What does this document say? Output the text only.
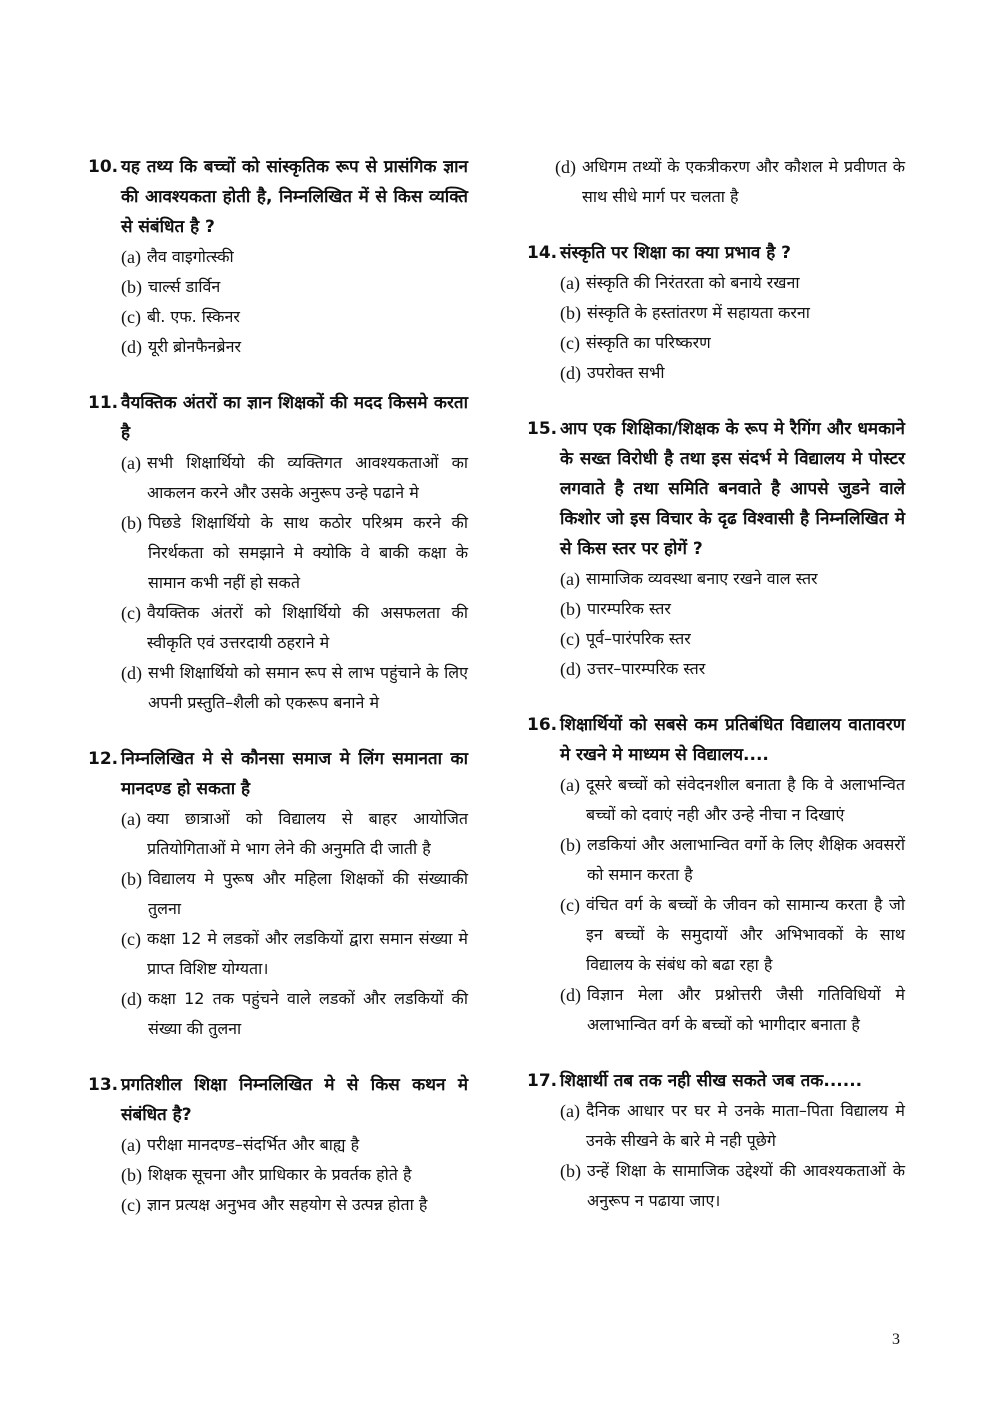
10. यह तथ्य कि बच्चों को सांस्कृतिक रूप से प्रासंगिक ज्ञान की आवश्यकता होती है, निम्नलिखित में से किस व्यक्ति से संबंधित है ?
(a) लैव वाइगोत्स्की
(b) चार्ल्स डार्विन
(c) बी. एफ. स्किनर
(d) यूरी ब्रोनफैनब्रेनर
11. वैयक्तिक अंतरों का ज्ञान शिक्षकों की मदद किसमे करता है
(a) सभी शिक्षार्थियो की व्यक्तिगत आवश्यकताओं का आकलन करने और उसके अनुरूप उन्हे पढाने मे
(b) पिछडे शिक्षार्थियो के साथ कठोर परिश्रम करने की निरर्थकता को समझाने मे क्योकि वे बाकी कक्षा के सामान कभी नहीं हो सकते
(c) वैयक्तिक अंतरों को शिक्षार्थियो की असफलता की स्वीकृति एवं उत्तरदायी ठहराने मे
(d) सभी शिक्षार्थियो को समान रूप से लाभ पहुंचाने के लिए अपनी प्रस्तुति–शैली को एकरूप बनाने मे
12. निम्नलिखित मे से कौनसा समाज मे लिंग समानता का मानदण्ड हो सकता है
(a) क्या छात्राओं को विद्यालय से बाहर आयोजित प्रतियोगिताओं मे भाग लेने की अनुमति दी जाती है
(b) विद्यालय मे पुरूष और महिला शिक्षकों की संख्याकी तुलना
(c) कक्षा 12 मे लडकों और लडकियों द्वारा समान संख्या मे प्राप्त विशिष्ट योग्यता।
(d) कक्षा 12 तक पहुंचने वाले लडकों और लडकियों की संख्या की तुलना
13. प्रगतिशील शिक्षा निम्नलिखित मे से किस कथन मे संबंधित है?
(a) परीक्षा मानदण्ड–संदर्भित और बाह्य है
(b) शिक्षक सूचना और प्राधिकार के प्रवर्तक होते है
(c) ज्ञान प्रत्यक्ष अनुभव और सहयोग से उत्पन्न होता है
(d) अधिगम तथ्यों के एकत्रीकरण और कौशल मे प्रवीणत के साथ सीधे मार्ग पर चलता है
14. संस्कृति पर शिक्षा का क्या प्रभाव है ?
(a) संस्कृति की निरंतरता को बनाये रखना
(b) संस्कृति के हस्तांतरण में सहायता करना
(c) संस्कृति का परिष्करण
(d) उपरोक्त सभी
15. आप एक शिक्षिका/शिक्षक के रूप मे रैगिंग और धमकाने के सख्त विरोधी है तथा इस संदर्भ मे विद्यालय मे पोस्टर लगवाते है तथा समिति बनवाते है आपसे जुडने वाले किशोर जो इस विचार के दृढ विश्वासी है निम्नलिखित मे से किस स्तर पर होगें ?
(a) सामाजिक व्यवस्था बनाए रखने वाल स्तर
(b) पारम्परिक स्तर
(c) पूर्व–पारंपरिक स्तर
(d) उत्तर–पारम्परिक स्तर
16. शिक्षार्थियों को सबसे कम प्रतिबंधित विद्यालय वातावरण मे रखने मे माध्यम से विद्यालय....
(a) दूसरे बच्चों को संवेदनशील बनाता है कि वे अलाभन्वित बच्चों को दवाएं नही और उन्हे नीचा न दिखाएं
(b) लडकियां और अलाभान्वित वर्गो के लिए शैक्षिक अवसरों को समान करता है
(c) वंचित वर्ग के बच्चों के जीवन को सामान्य करता है जो इन बच्चों के समुदायों और अभिभावकों के साथ विद्यालय के संबंध को बढा रहा है
(d) विज्ञान मेला और प्रश्नोत्तरी जैसी गतिविधियों मे अलाभान्वित वर्ग के बच्चों को भागीदार बनाता है
17. शिक्षार्थी तब तक नही सीख सकते जब तक......
(a) दैनिक आधार पर घर मे उनके माता–पिता विद्यालय मे उनके सीखने के बारे मे नही पूछेगे
(b) उन्हें शिक्षा के सामाजिक उद्देश्यों की आवश्यकताओं के अनुरूप न पढाया जाए।
3
